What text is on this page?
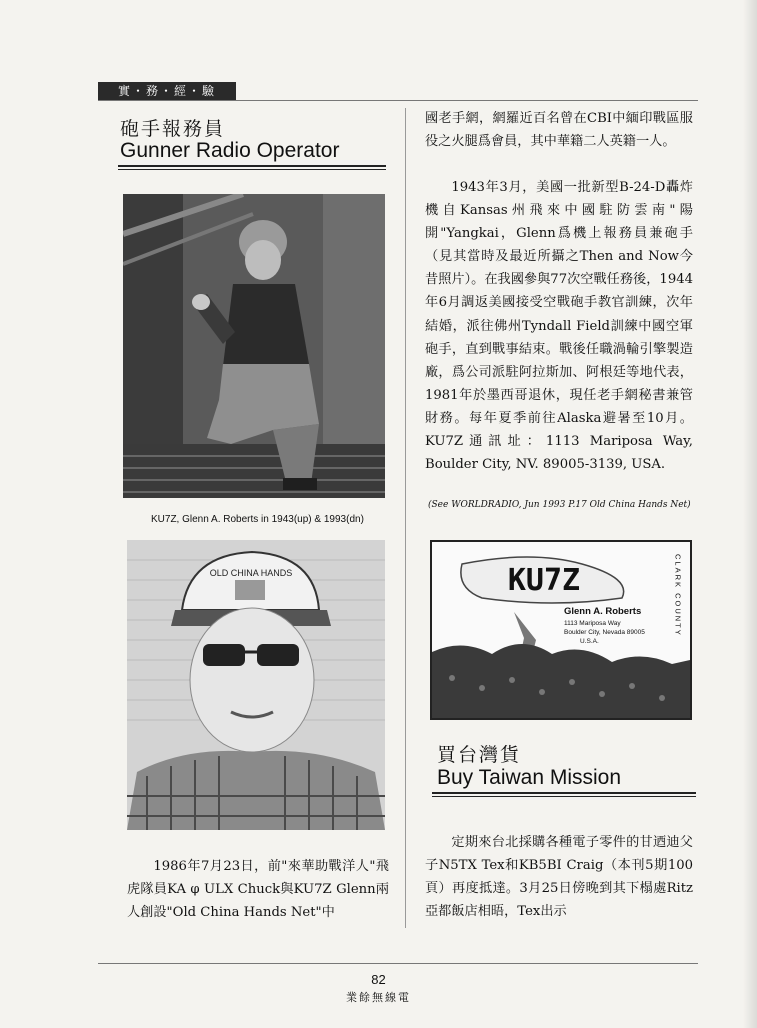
實・務・經・驗
砲手報務員
Gunner Radio Operator
KU7Z, Glenn A. Roberts in 1943(up) & 1993(dn)
OLD CHINA HANDS
1986年7月23日，前"來華助戰洋人"飛虎隊員KA φ ULX Chuck與KU7Z Glenn兩人創設"Old China Hands Net"中
國老手網，網羅近百名曾在CBI中緬印戰區服役之火腿爲會員，其中華籍二人英籍一人。
1943年3月，美國一批新型B-24-D轟炸機自Kansas州飛來中國駐防雲南"陽開"Yangkai，Glenn爲機上報務員兼砲手（見其當時及最近所攝之Then and Now今昔照片）。在我國參與77次空戰任務後，1944年6月調返美國接受空戰砲手教官訓練，次年結婚，派往佛州Tyndall Field訓練中國空軍砲手，直到戰事結束。戰後任職渦輪引擎製造廠，爲公司派駐阿拉斯加、阿根廷等地代表，1981年於墨西哥退休，現任老手網秘書兼管財務。每年夏季前往Alaska避暑至10月。KU7Z通訊址：1113 Mariposa Way, Boulder City, NV. 89005-3139, USA.
(See WORLDRADIO, Jun 1993 P.17 Old China Hands Net)
KU7Z
Glenn A. Roberts
1113 Mariposa Way
Boulder City, Nevada 89005
U.S.A.
CLARK COUNTY
買台灣貨
Buy Taiwan Mission
定期來台北採購各種電子零件的甘迺迪父子N5TX Tex和KB5BI Craig（本刊5期100頁）再度抵達。3月25日傍晚到其下榻處Ritz亞都飯店相晤，Tex出示
82
業餘無線電
